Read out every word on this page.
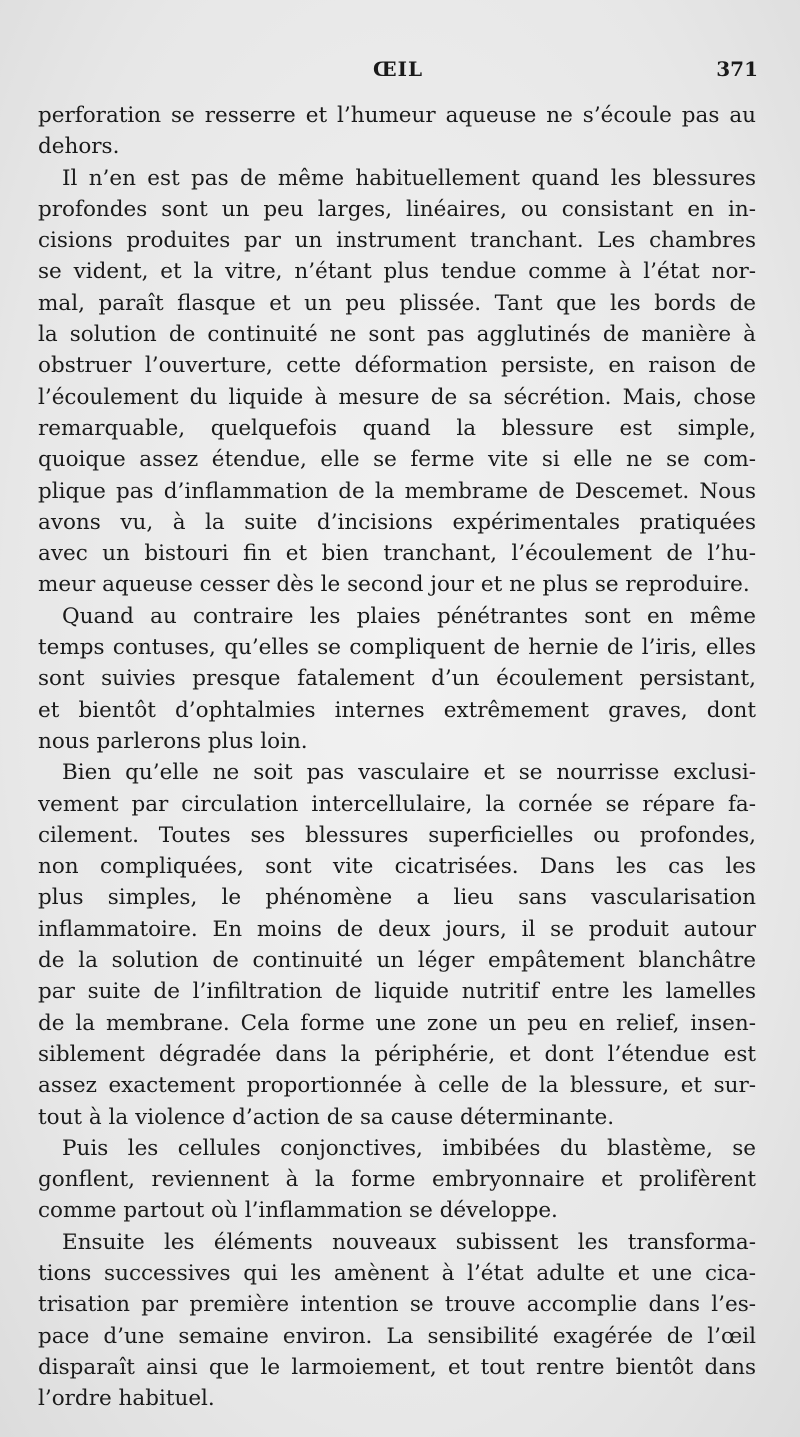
ŒIL	371
perforation se resserre et l’humeur aqueuse ne s’écoule pas au
dehors.
Il n’en est pas de même habituellement quand les blessures
profondes sont un peu larges, linéaires, ou consistant en in-
cisions produites par un instrument tranchant. Les chambres
se vident, et la vitre, n’étant plus tendue comme à l’état nor-
mal, paraît flasque et un peu plissée. Tant que les bords de
la solution de continuité ne sont pas agglutinés de manière à
obstruer l’ouverture, cette déformation persiste, en raison de
l’écoulement du liquide à mesure de sa sécrétion. Mais, chose
remarquable, quelquefois quand la blessure est simple,
quoique assez étendue, elle se ferme vite si elle ne se com-
plique pas d’inflammation de la membrame de Descemet. Nous
avons vu, à la suite d’incisions expérimentales pratiquées
avec un bistouri fin et bien tranchant, l’écoulement de l’hu-
meur aqueuse cesser dès le second jour et ne plus se reproduire.
Quand au contraire les plaies pénétrantes sont en même
temps contuses, qu’elles se compliquent de hernie de l’iris, elles
sont suivies presque fatalement d’un écoulement persistant,
et bientôt d’ophtalmies internes extrêmement graves, dont
nous parlerons plus loin.
Bien qu’elle ne soit pas vasculaire et se nourrisse exclusi-
vement par circulation intercellulaire, la cornée se répare fa-
cilement. Toutes ses blessures superficielles ou profondes,
non compliquées, sont vite cicatrisées. Dans les cas les
plus simples, le phénomène a lieu sans vascularisation
inflammatoire. En moins de deux jours, il se produit autour
de la solution de continuité un léger empâtement blanchâtre
par suite de l’infiltration de liquide nutritif entre les lamelles
de la membrane. Cela forme une zone un peu en relief, insen-
siblement dégradée dans la périphérie, et dont l’étendue est
assez exactement proportionnée à celle de la blessure, et sur-
tout à la violence d’action de sa cause déterminante.
Puis les cellules conjonctives, imbibées du blastème, se
gonflent, reviennent à la forme embryonnaire et prolifèrent
comme partout où l’inflammation se développe.
Ensuite les éléments nouveaux subissent les transforma-
tions successives qui les amènent à l’état adulte et une cica-
trisation par première intention se trouve accomplie dans l’es-
pace d’une semaine environ. La sensibilité exagérée de l’œil
disparaît ainsi que le larmoiement, et tout rentre bientôt dans
l’ordre habituel.
